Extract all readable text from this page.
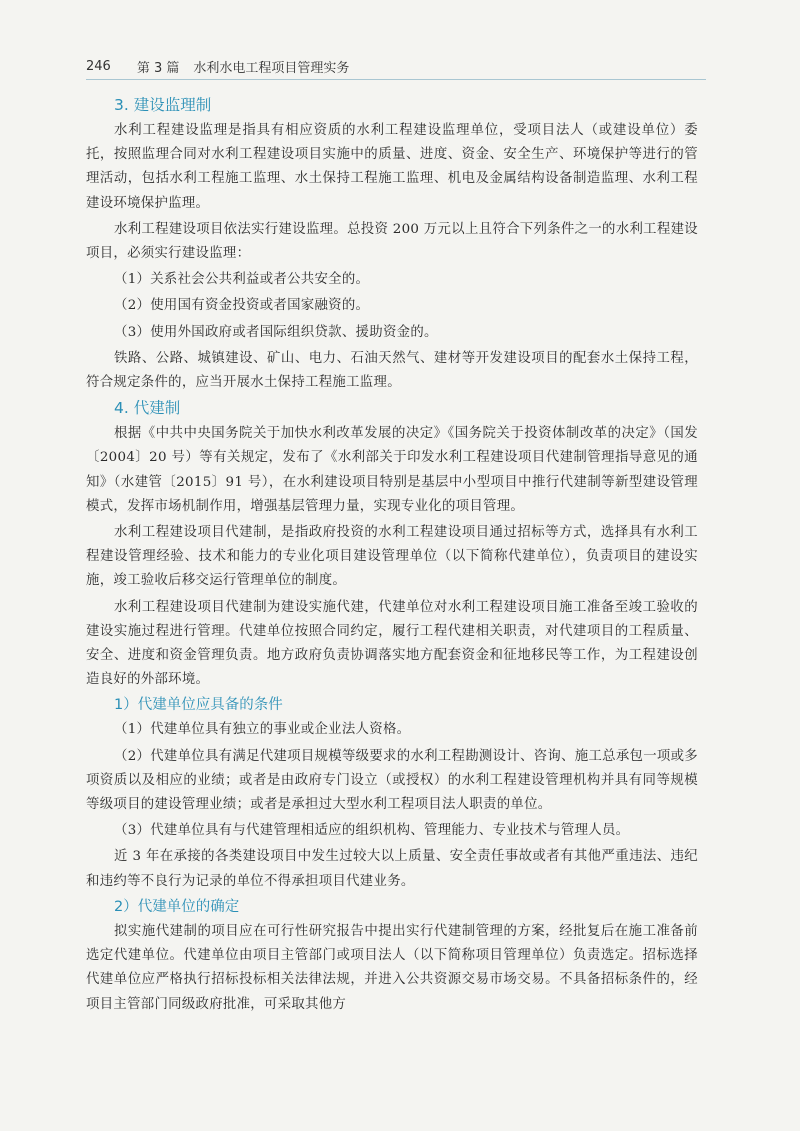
246 第 3 篇 水利水电工程项目管理实务
3. 建设监理制
水利工程建设监理是指具有相应资质的水利工程建设监理单位，受项目法人（或建设单位）委托，按照监理合同对水利工程建设项目实施中的质量、进度、资金、安全生产、环境保护等进行的管理活动，包括水利工程施工监理、水土保持工程施工监理、机电及金属结构设备制造监理、水利工程建设环境保护监理。
水利工程建设项目依法实行建设监理。总投资 200 万元以上且符合下列条件之一的水利工程建设项目，必须实行建设监理：
（1）关系社会公共利益或者公共安全的。
（2）使用国有资金投资或者国家融资的。
（3）使用外国政府或者国际组织贷款、援助资金的。
铁路、公路、城镇建设、矿山、电力、石油天然气、建材等开发建设项目的配套水土保持工程，符合规定条件的，应当开展水土保持工程施工监理。
4. 代建制
根据《中共中央国务院关于加快水利改革发展的决定》《国务院关于投资体制改革的决定》（国发〔2004〕20 号）等有关规定，发布了《水利部关于印发水利工程建设项目代建制管理指导意见的通知》（水建管〔2015〕91 号），在水利建设项目特别是基层中小型项目中推行代建制等新型建设管理模式，发挥市场机制作用，增强基层管理力量，实现专业化的项目管理。
水利工程建设项目代建制，是指政府投资的水利工程建设项目通过招标等方式，选择具有水利工程建设管理经验、技术和能力的专业化项目建设管理单位（以下简称代建单位），负责项目的建设实施，竣工验收后移交运行管理单位的制度。
水利工程建设项目代建制为建设实施代建，代建单位对水利工程建设项目施工准备至竣工验收的建设实施过程进行管理。代建单位按照合同约定，履行工程代建相关职责，对代建项目的工程质量、安全、进度和资金管理负责。地方政府负责协调落实地方配套资金和征地移民等工作，为工程建设创造良好的外部环境。
1）代建单位应具备的条件
（1）代建单位具有独立的事业或企业法人资格。
（2）代建单位具有满足代建项目规模等级要求的水利工程勘测设计、咨询、施工总承包一项或多项资质以及相应的业绩；或者是由政府专门设立（或授权）的水利工程建设管理机构并具有同等规模等级项目的建设管理业绩；或者是承担过大型水利工程项目法人职责的单位。
（3）代建单位具有与代建管理相适应的组织机构、管理能力、专业技术与管理人员。
近 3 年在承接的各类建设项目中发生过较大以上质量、安全责任事故或者有其他严重违法、违纪和违约等不良行为记录的单位不得承担项目代建业务。
2）代建单位的确定
拟实施代建制的项目应在可行性研究报告中提出实行代建制管理的方案，经批复后在施工准备前选定代建单位。代建单位由项目主管部门或项目法人（以下简称项目管理单位）负责选定。招标选择代建单位应严格执行招标投标相关法律法规，并进入公共资源交易市场交易。不具备招标条件的，经项目主管部门同级政府批准，可采取其他方
